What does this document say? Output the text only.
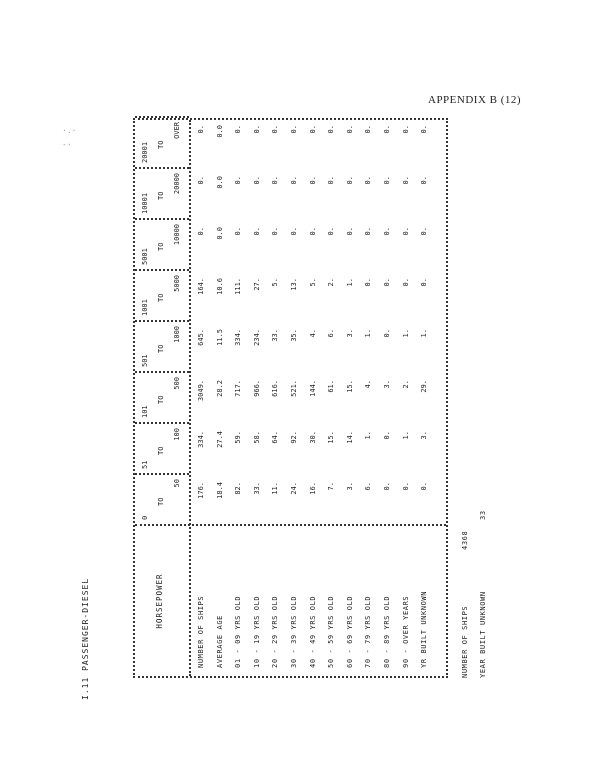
APPENDIX B (12)
·.·
-·
I.11 PASSENGER-DIESEL	HORSEPOWER
0
TO
50
51
TO
100
101
TO
500
501
TO
1000
1001
TO
5000
5001
TO
10000
10001 TO
20000
20001 TO
OVER
NUMBER OF SHIPS
176.
334.
3049.
645.
164.
0.
0.
0.
AVERAGE AGE
18.4
27.4
28.2
11.5
10.6
0.0
0.0
0.0
01 - 09 YRS OLD
82.
59.
717.
334.
111.
0.
0.
0.
10 - 19 YRS OLD
33.
58.
966.
234.
27.
0.
0.
0.
20 - 29 YRS OLD
11.
64.
616.
33.
5.
0.
0.
0.
30 - 39 YRS OLD
24.
92.
521.
35.
13.
0.
0.
0.
40 - 49 YRS OLD
16.
30.
144.
4.
5.
0.
0.
0.
50 - 59 YRS OLD
7.
15.
61.
6.
2.
0.
0.
0.
60 - 69 YRS OLD
3.
14.
15.
3.
1.
0.
0.
0.
70 - 79 YRS OLD
6.
1.
4.
1.
0.
0.
0.
0.
80 - 89 YRS OLD
0.
0.
3.
0.
0.
0.
0.
0.
90 - OVER YEARS
0.
1.
2.
1.
0.
0.
0.
0.
YR BUILT UNKNOWN
0.
3.
29.
1.
0.
0.
0.
0.
NUMBER OF SHIPS
4368
YEAR BUILT UNKNOWN
33
